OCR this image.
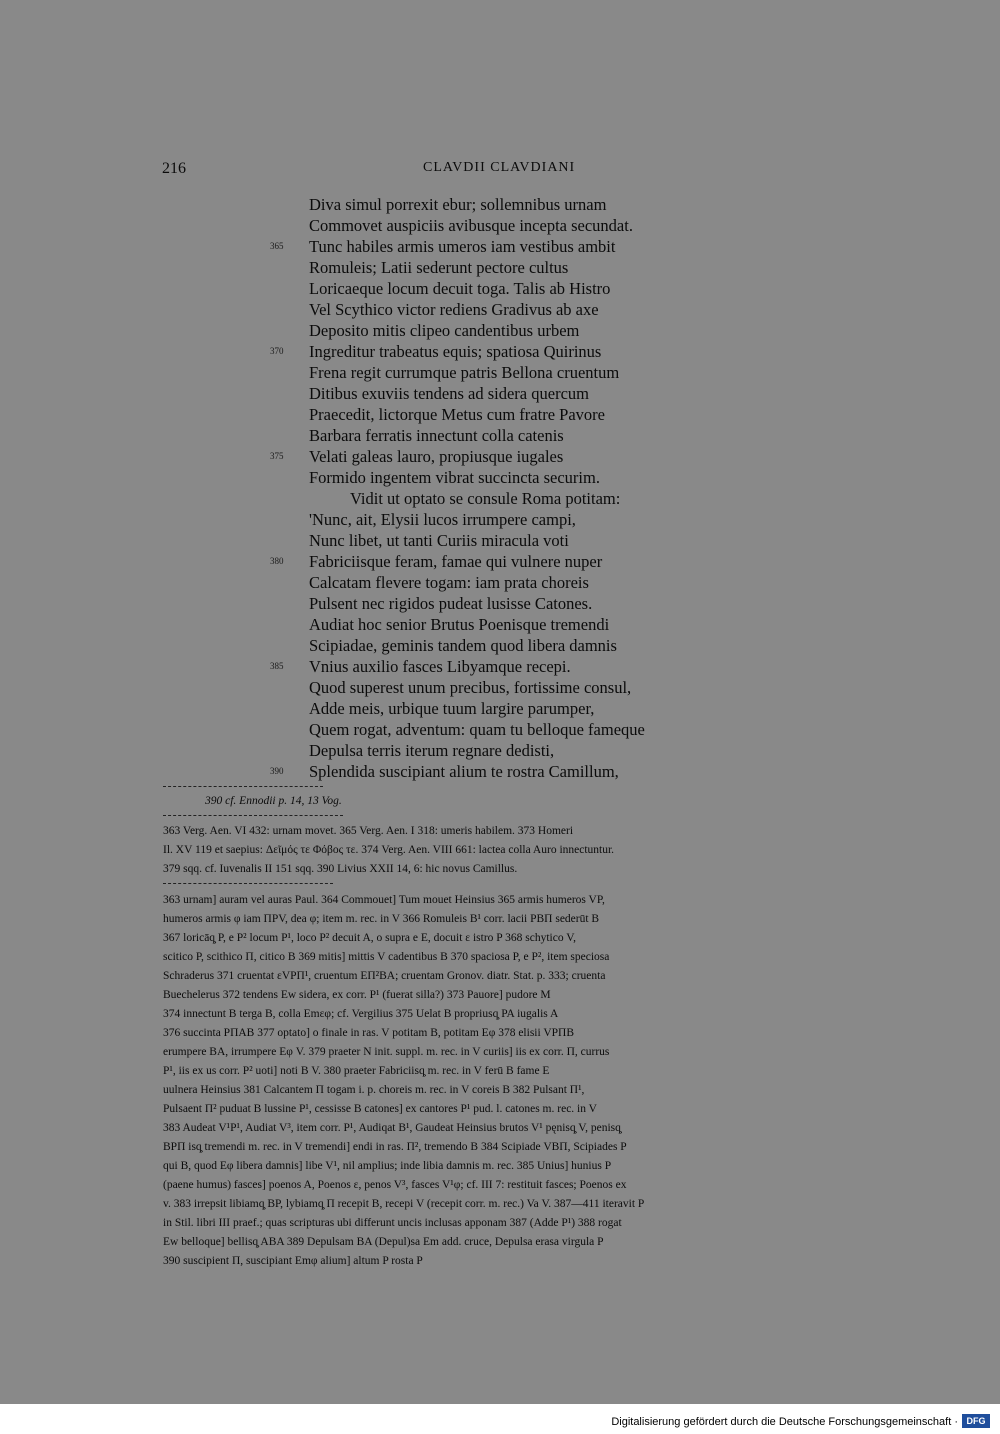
216	CLAVDII CLAVDIANI
Diva simul porrexit ebur; sollemnibus urnam
Commovet auspiciis avibusque incepta secundat.
365	Tunc habiles armis umeros iam vestibus ambit
Romuleis; Latii sederunt pectore cultus
Loricaeque locum decuit toga. Talis ab Histro
Vel Scythico victor rediens Gradivus ab axe
Deposito mitis clipeo candentibus urbem
370	Ingreditur trabeatus equis; spatiosa Quirinus
Frena regit currumque patris Bellona cruentum
Ditibus exuviis tendens ad sidera quercum
Praecedit, lictorque Metus cum fratre Pavore
Barbara ferratis innectunt colla catenis
375	Velati galeas lauro, propiusque iugales
Formido ingentem vibrat succincta securim.
Vidit ut optato se consule Roma potitam:
'Nunc, ait, Elysii lucos irrumpere campi,
Nunc libet, ut tanti Curiis miracula voti
380	Fabriciisque feram, famae qui vulnere nuper
Calcatam flevere togam: iam prata choreis
Pulsent nec rigidos pudeat lusisse Catones.
Audiat hoc senior Brutus Poenisque tremendi
Scipiadae, geminis tandem quod libera damnis
385	Vnius auxilio fasces Libyamque recepi.
Quod superest unum precibus, fortissime consul,
Adde meis, urbique tuum largire parumper,
Quem rogat, adventum: quam tu belloque fameque
Depulsa terris iterum regnare dedisti,
390	Splendida suscipiant alium te rostra Camillum,
390 cf. Ennodii p. 14, 13 Vog.

363 Verg. Aen. VI 432: urnam movet. 365 Verg. Aen. I 318: umeris habilem. 373 Homeri

Il. XV 119 et saepius: Δεῖμός τε Φόβος τε. 374 Verg. Aen. VIII 661: lactea colla Auro innectuntur.

379 sqq. cf. Iuvenalis II 151 sqq. 390 Livius XXII 14, 6: hic novus Camillus.

363 urnam] auram vel auras Paul. 364 Commouet] Tum mouet Heinsius 365 armis humeros VP,

humeros armis φ iam ΠPV, dea φ; item m. rec. in V 366 Romuleis B¹ corr. lacii PBΠ sederūt B

367 loricāq̧ P, e P² locum P¹, loco P² decuit A, o supra e E, docuit ε istro P 368 schytico V,

scitico P, scithico Π, citico B 369 mitis] mittis V cadentibus B 370 spaciosa P, e P², item speciosa

Schraderus 371 cruentat εVPΠ¹, cruentum EΠ²BA; cruentam Gronov. diatr. Stat. p. 333; cruenta

Buechelerus 372 tendens Ew sidera, ex corr. P¹ (fuerat silla?) 373 Pauore] pudore M

374 innectunt B terga B, colla Emεφ; cf. Vergilius 375 Uelat B propriusq̧ PA iugalis A

376 succinta PΠAB 377 optato] o finale in ras. V potitam B, potitam Eφ 378 elisii VPΠB

erumpere BA, irrumpere Eφ V. 379 praeter N init. suppl. m. rec. in V curiis] iis ex corr. Π, currus

P¹, iis ex us corr. P² uoti] noti B V. 380 praeter Fabriciisq̧ m. rec. in V ferū B fame E

uulnera Heinsius 381 Calcantem Π togam i. p. choreis m. rec. in V coreis B 382 Pulsant Π¹,

Pulsaent Π² puduat B lussine P¹, cessisse B catones] ex cantores P¹ pud. l. catones m. rec. in V

383 Audeat V¹P¹, Audiat V³, item corr. P¹, Audiqat B¹, Gaudeat Heinsius brutos V¹ pęnisq̧ V, penisq̧

BPΠ isq̧ tremendi m. rec. in V tremendi] endi in ras. Π², tremendo B 384 Scipiade VBΠ, Scipiades P

qui B, quod Eφ libera damnis] libe V¹, nil amplius; inde libia damnis m. rec. 385 Unius] hunius P

(paene humus) fasces] poenos A, Poenos ε, penos V³, fasces V¹φ; cf. III 7: restituit fasces; Poenos ex

v. 383 irrepsit libiamq̧ BP, lybiamq̧ Π recepit B, recepi V (recepit corr. m. rec.) Va V. 387—411 iteravit P

in Stil. libri III praef.; quas scripturas ubi differunt uncis inclusas apponam 387 (Adde P¹) 388 rogat

Ew belloque] bellisq̧ ABA 389 Depulsam BA (Depul)sa Em add. cruce, Depulsa erasa virgula P

390 suscipient Π, suscipiant Emφ alium] altum P rosta P

Digitalisierung gefördert durch die Deutsche Forschungsgemeinschaft · DFG
